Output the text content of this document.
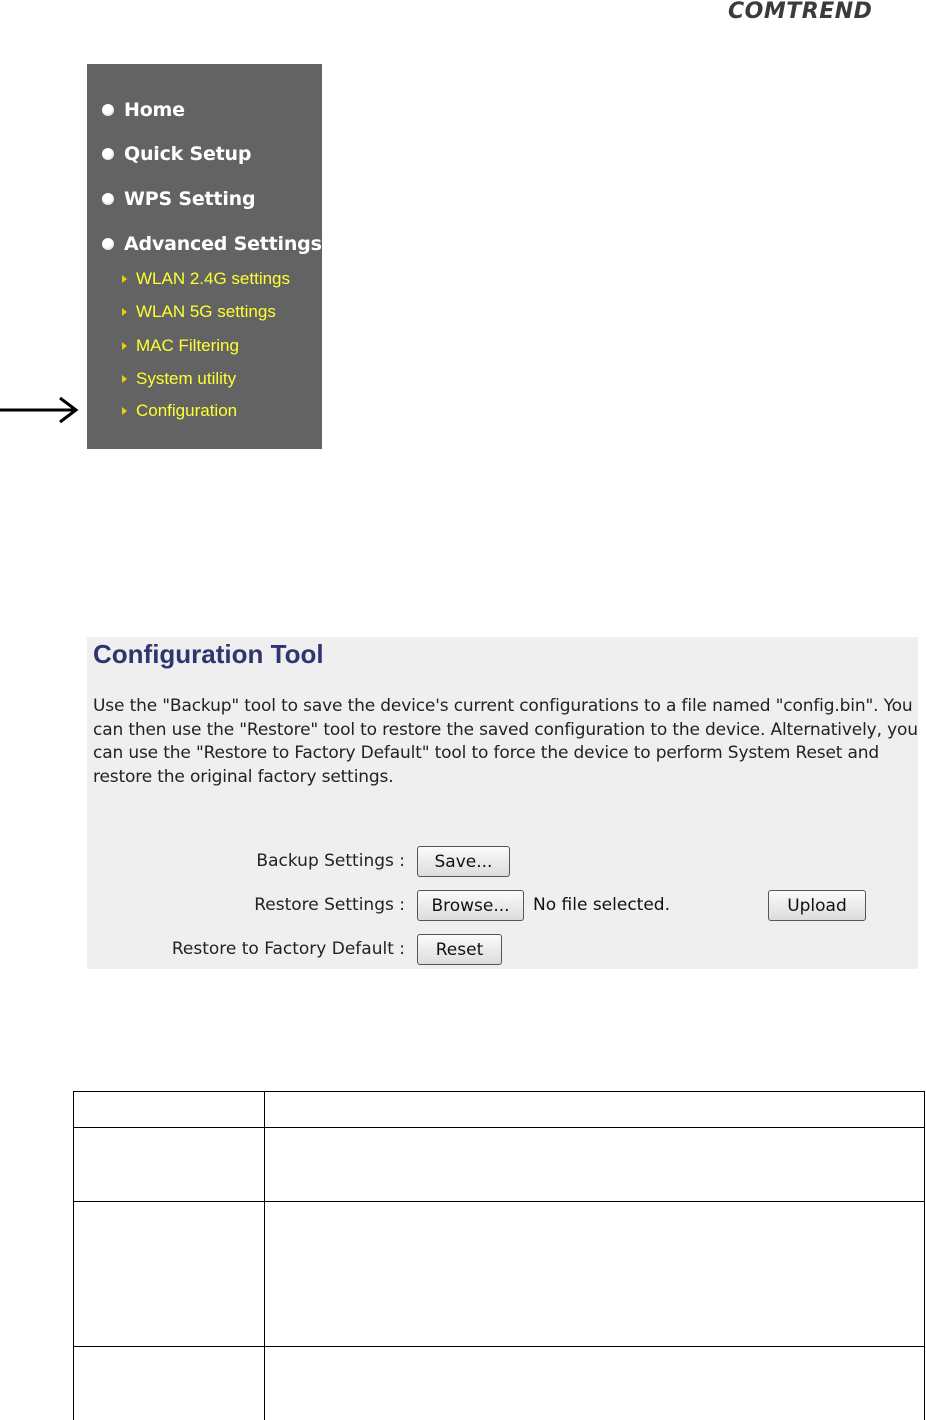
COMTREND
Home
Quick Setup
WPS Setting
Advanced Settings
WLAN 2.4G settings
WLAN 5G settings
MAC Filtering
System utility
Configuration
Configuration Tool
Use the "Backup" tool to save the device's current configurations to a file named "config.bin". You can then use the "Restore" tool to restore the saved configuration to the device. Alternatively, you can use the "Restore to Factory Default" tool to force the device to perform System Reset and restore the original factory settings.
Backup Settings :	Save...
Restore Settings :	Browse...	No file selected.	Upload
Restore to Factory Default :	Reset
